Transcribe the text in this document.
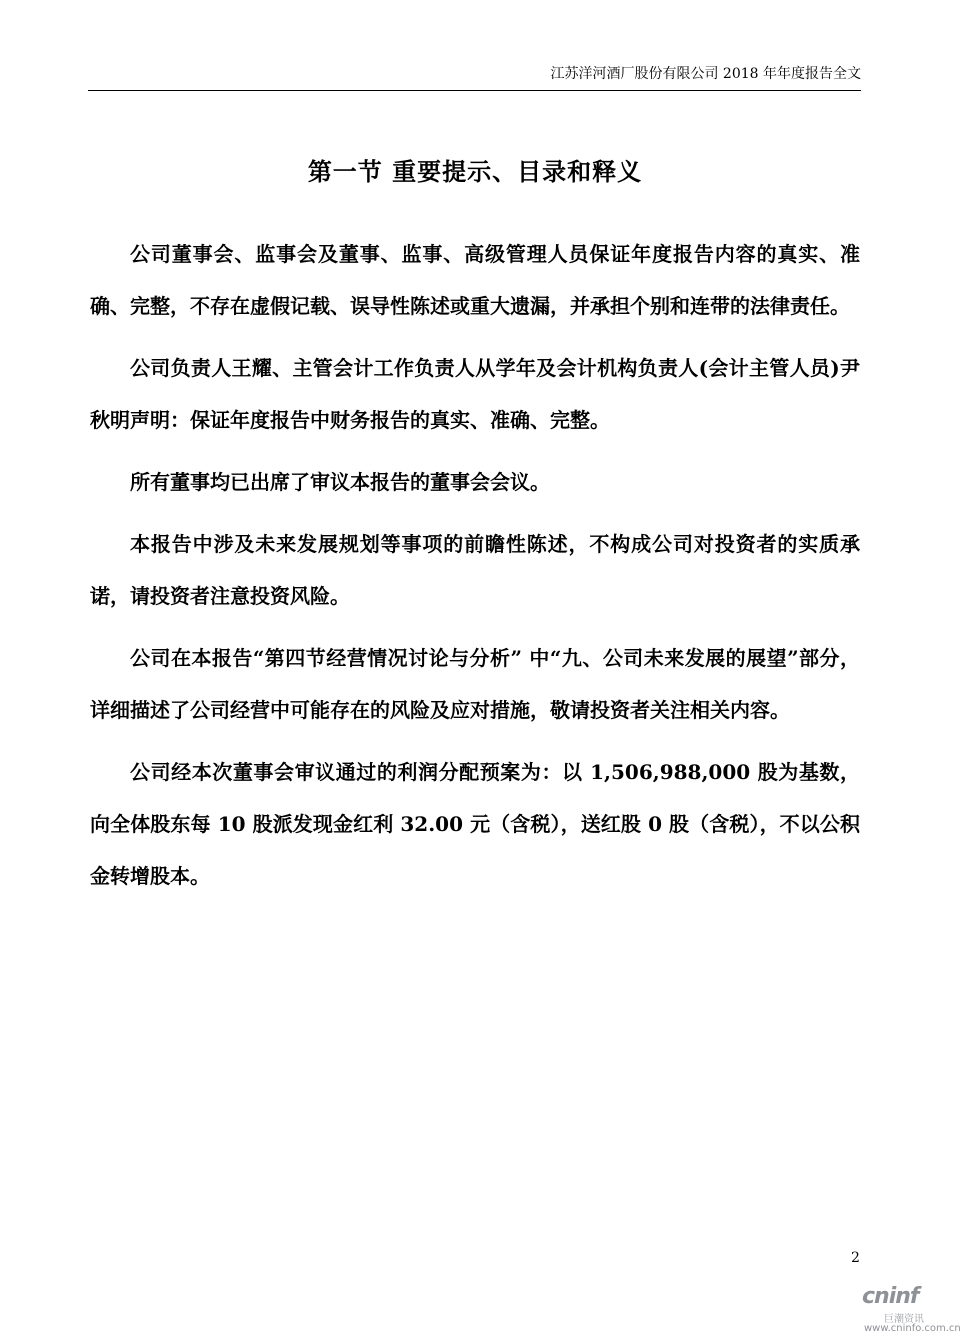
江苏洋河酒厂股份有限公司 2018 年年度报告全文
第一节 重要提示、目录和释义

公司董事会、监事会及董事、监事、高级管理人员保证年度报告内容的真实、准确、完整，不存在虚假记载、误导性陈述或重大遗漏，并承担个别和连带的法律责任。

公司负责人王耀、主管会计工作负责人从学年及会计机构负责人(会计主管人员)尹秋明声明：保证年度报告中财务报告的真实、准确、完整。

所有董事均已出席了审议本报告的董事会会议。

本报告中涉及未来发展规划等事项的前瞻性陈述，不构成公司对投资者的实质承诺，请投资者注意投资风险。

公司在本报告“第四节经营情况讨论与分析” 中“九、公司未来发展的展望”部分，详细描述了公司经营中可能存在的风险及应对措施，敬请投资者关注相关内容。

公司经本次董事会审议通过的利润分配预案为：以 1,506,988,000 股为基数，向全体股东每 10 股派发现金红利 32.00 元（含税），送红股 0 股（含税），不以公积金转增股本。

2
cninf
巨潮资讯
www.cninfo.com.cn
